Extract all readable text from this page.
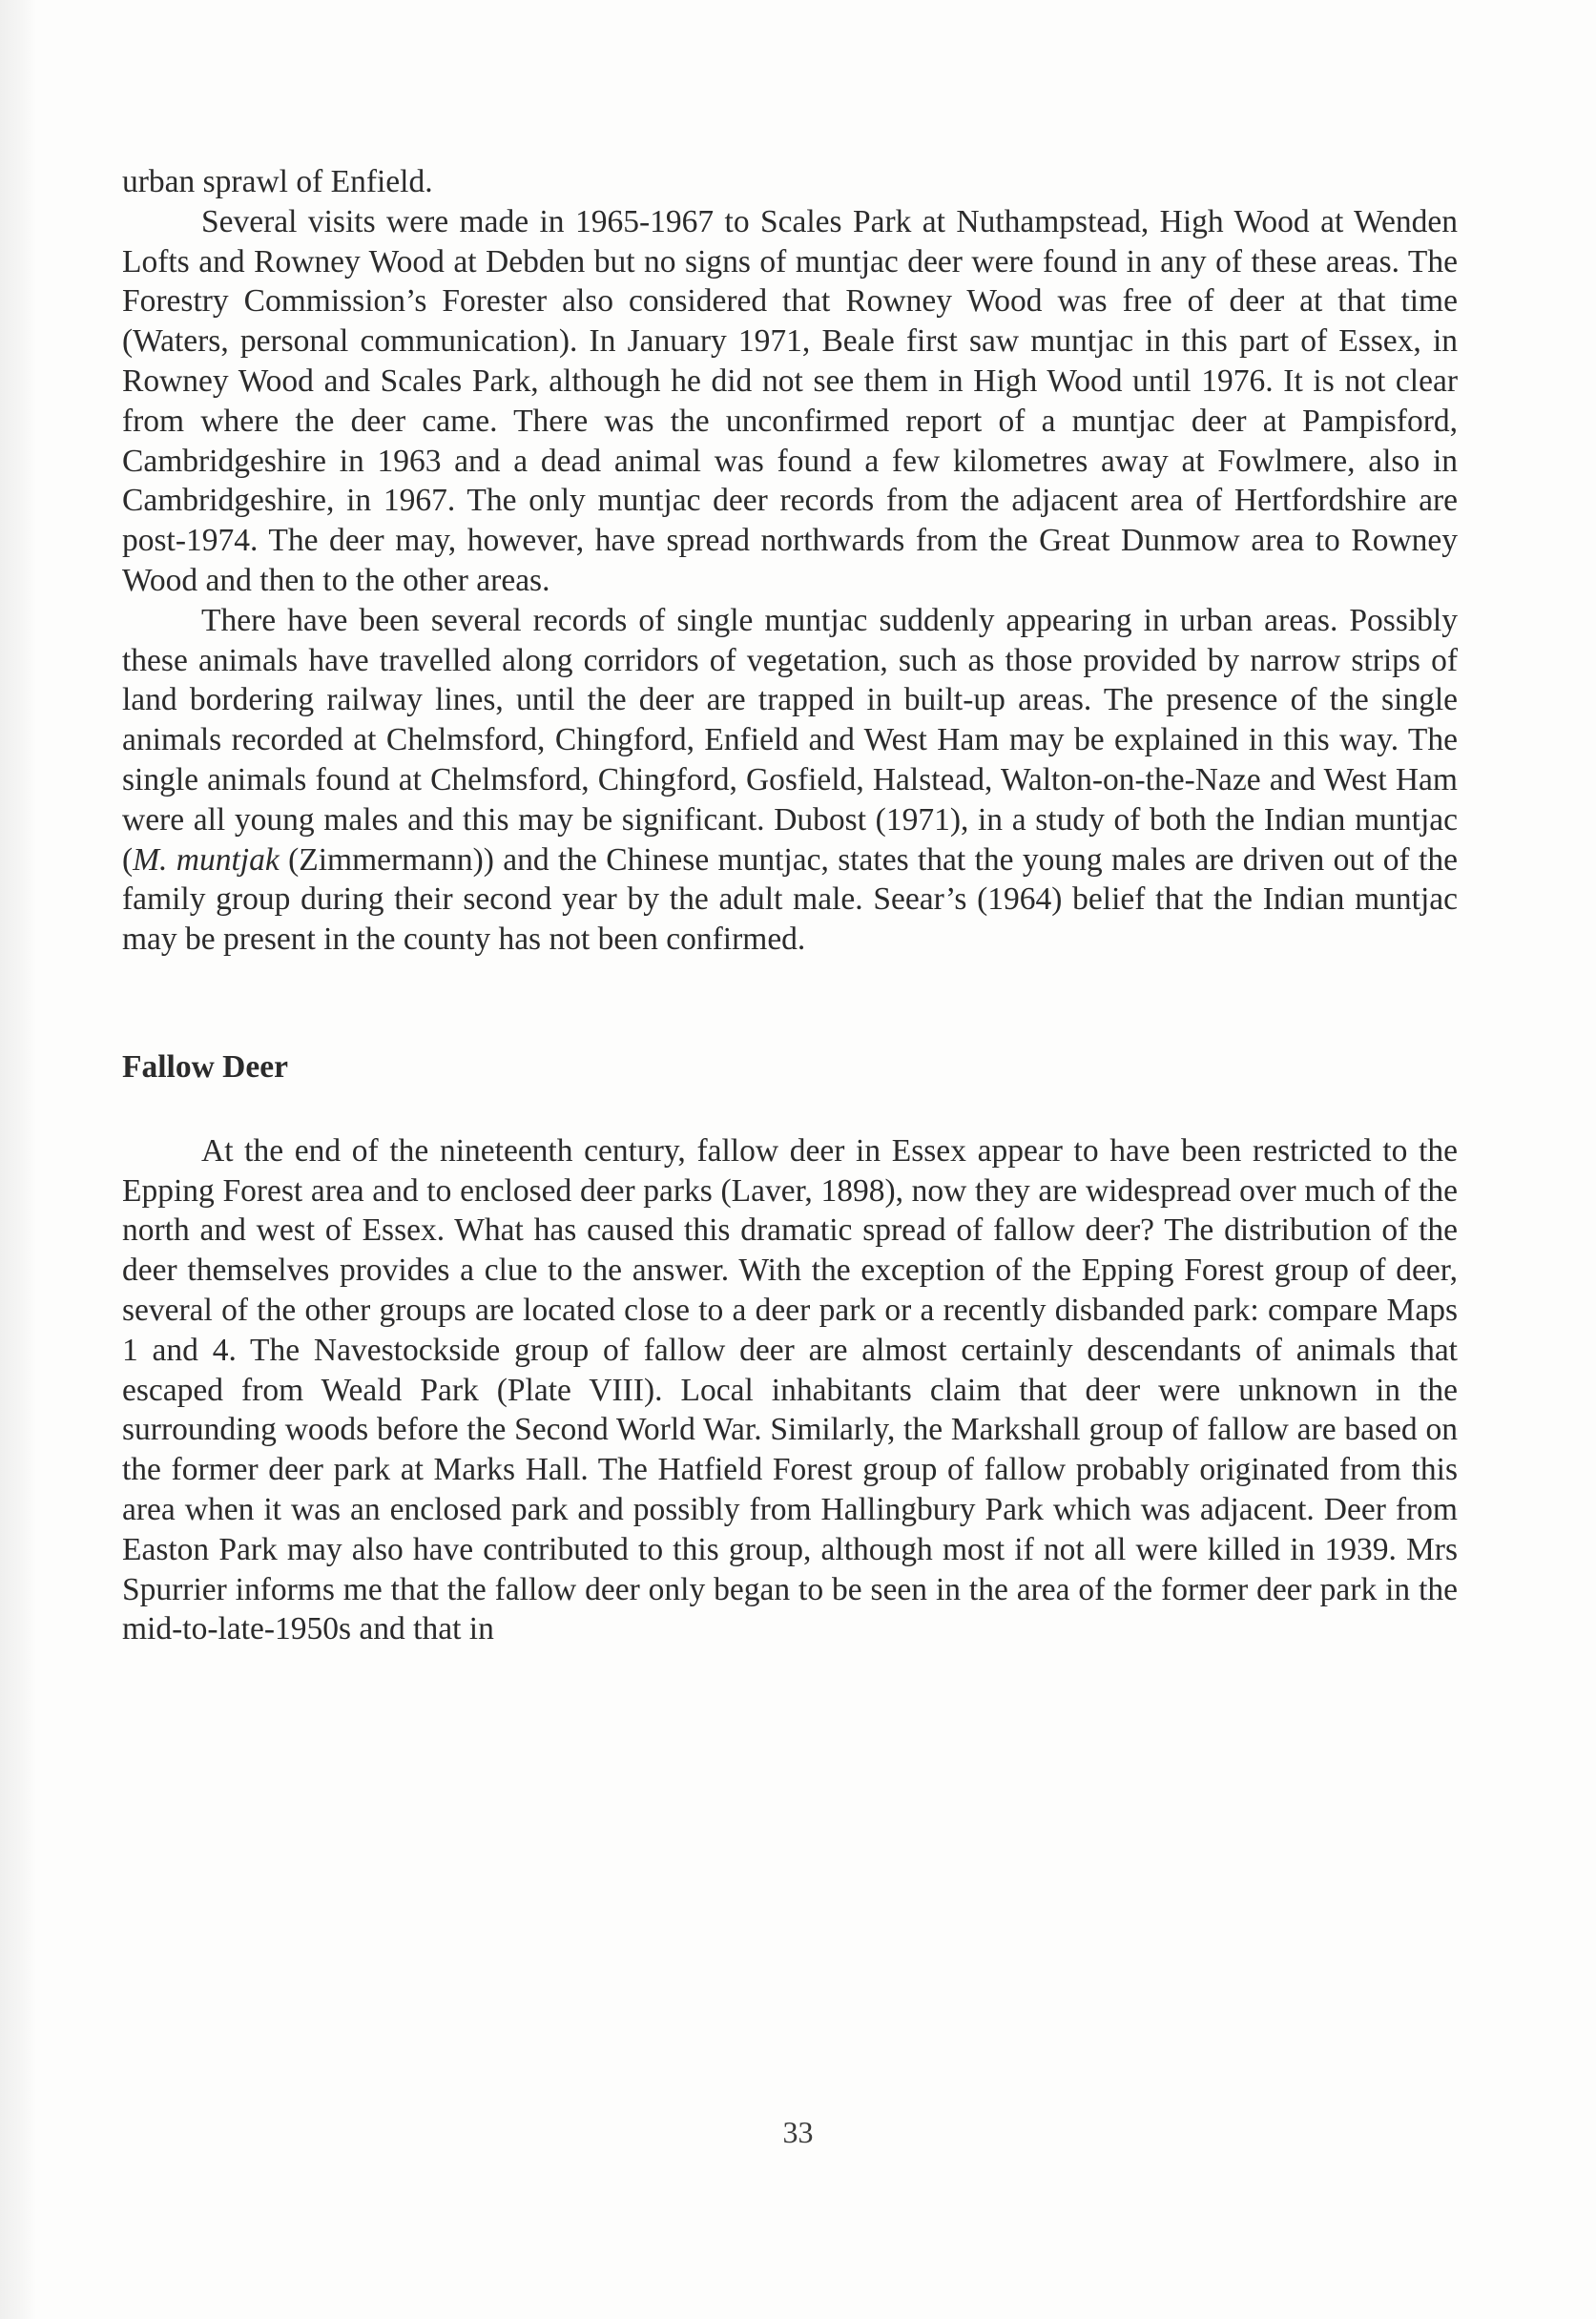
urban sprawl of Enfield.

Several visits were made in 1965-1967 to Scales Park at Nuthampstead, High Wood at Wenden Lofts and Rowney Wood at Debden but no signs of muntjac deer were found in any of these areas. The Forestry Commission’s Forester also considered that Rowney Wood was free of deer at that time (Waters, personal communication). In January 1971, Beale first saw muntjac in this part of Essex, in Rowney Wood and Scales Park, although he did not see them in High Wood until 1976. It is not clear from where the deer came. There was the unconfirmed report of a muntjac deer at Pampisford, Cambridgeshire in 1963 and a dead animal was found a few kilometres away at Fowlmere, also in Cambridgeshire, in 1967. The only muntjac deer records from the adjacent area of Hertfordshire are post-1974. The deer may, however, have spread northwards from the Great Dunmow area to Rowney Wood and then to the other areas.

There have been several records of single muntjac suddenly appearing in urban areas. Possibly these animals have travelled along corridors of vegetation, such as those provided by narrow strips of land bordering railway lines, until the deer are trapped in built-up areas. The presence of the single animals recorded at Chelmsford, Chingford, Enfield and West Ham may be explained in this way. The single animals found at Chelmsford, Chingford, Gosfield, Halstead, Walton-on-the-Naze and West Ham were all young males and this may be significant. Dubost (1971), in a study of both the Indian muntjac (M. muntjak (Zimmermann)) and the Chinese muntjac, states that the young males are driven out of the family group during their second year by the adult male. Seear’s (1964) belief that the Indian muntjac may be present in the county has not been confirmed.

Fallow Deer

At the end of the nineteenth century, fallow deer in Essex appear to have been restricted to the Epping Forest area and to enclosed deer parks (Laver, 1898), now they are widespread over much of the north and west of Essex. What has caused this dramatic spread of fallow deer? The distribution of the deer themselves provides a clue to the answer. With the exception of the Epping Forest group of deer, several of the other groups are located close to a deer park or a recently disbanded park: compare Maps 1 and 4. The Navestockside group of fallow deer are almost certainly descendants of animals that escaped from Weald Park (Plate VIII). Local inhabitants claim that deer were unknown in the surrounding woods before the Second World War. Similarly, the Markshall group of fallow are based on the former deer park at Marks Hall. The Hatfield Forest group of fallow probably originated from this area when it was an enclosed park and possibly from Hallingbury Park which was adjacent. Deer from Easton Park may also have contributed to this group, although most if not all were killed in 1939. Mrs Spurrier informs me that the fallow deer only began to be seen in the area of the former deer park in the mid-to-late-1950s and that in

33
